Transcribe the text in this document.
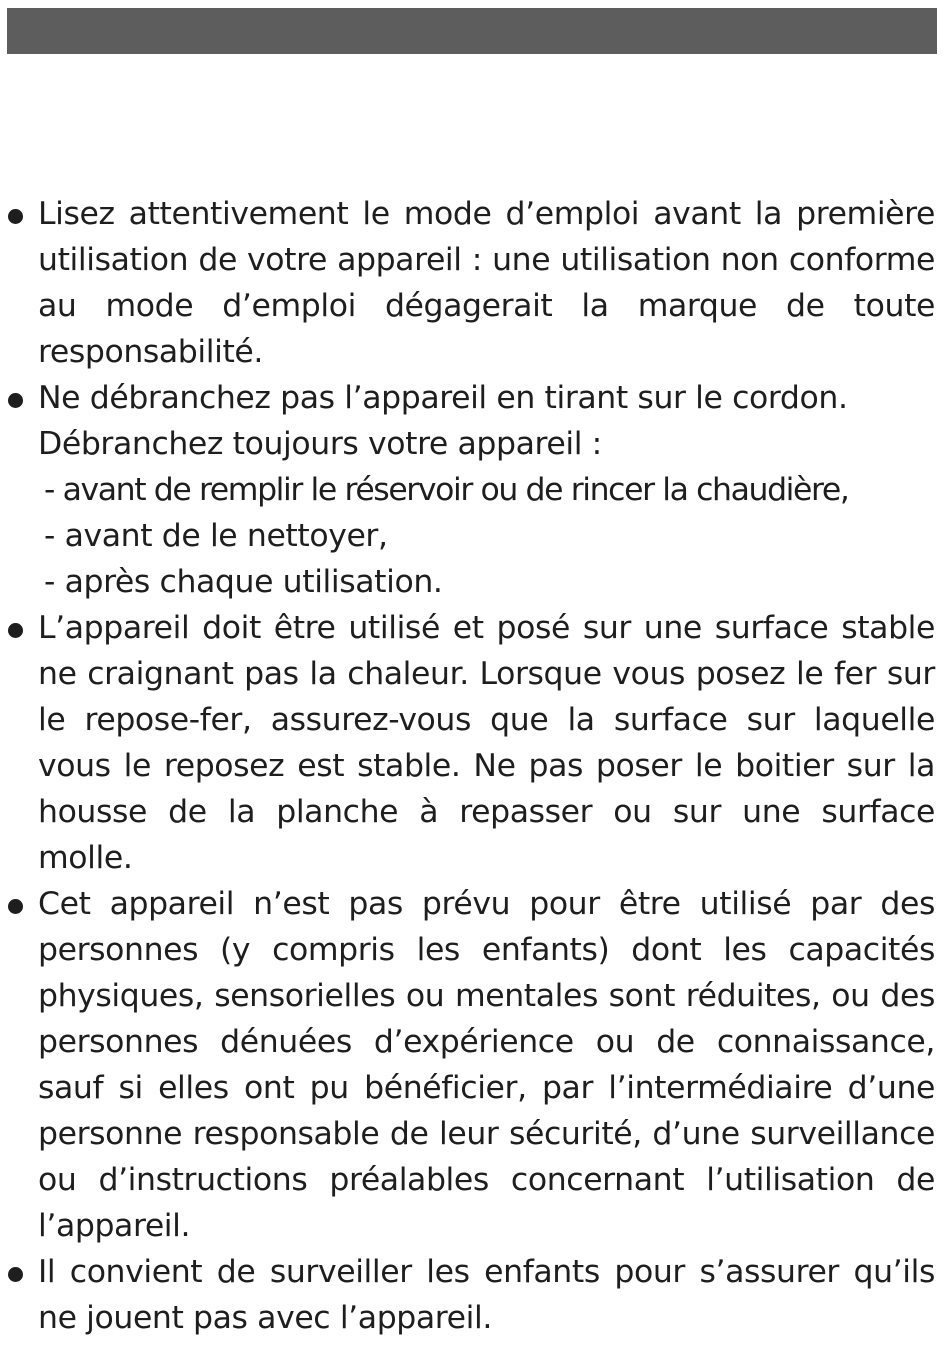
Lisez attentivement le mode d’emploi avant la première utilisation de votre appareil : une utilisation non conforme au mode d’emploi dégagerait la marque de toute responsabilité.
Ne débranchez pas l’appareil en tirant sur le cordon.
Débranchez toujours votre appareil :
- avant de remplir le réservoir ou de rincer la chaudière,
- avant de le nettoyer,
- après chaque utilisation.
L’appareil doit être utilisé et posé sur une surface stable ne craignant pas la chaleur. Lorsque vous posez le fer sur le repose-fer, assurez-vous que la surface sur laquelle vous le reposez est stable. Ne pas poser le boitier sur la housse de la planche à repasser ou sur une surface molle.
Cet appareil n’est pas prévu pour être utilisé par des personnes (y compris les enfants) dont les capacités physiques, sensorielles ou mentales sont réduites, ou des personnes dénuées d’expérience ou de connaissance, sauf si elles ont pu bénéficier, par l’intermédiaire d’une personne responsable de leur sécurité, d’une surveillance ou d’instructions préalables concernant l’utilisation de l’appareil.
Il convient de surveiller les enfants pour s’assurer qu’ils ne jouent pas avec l’appareil.
